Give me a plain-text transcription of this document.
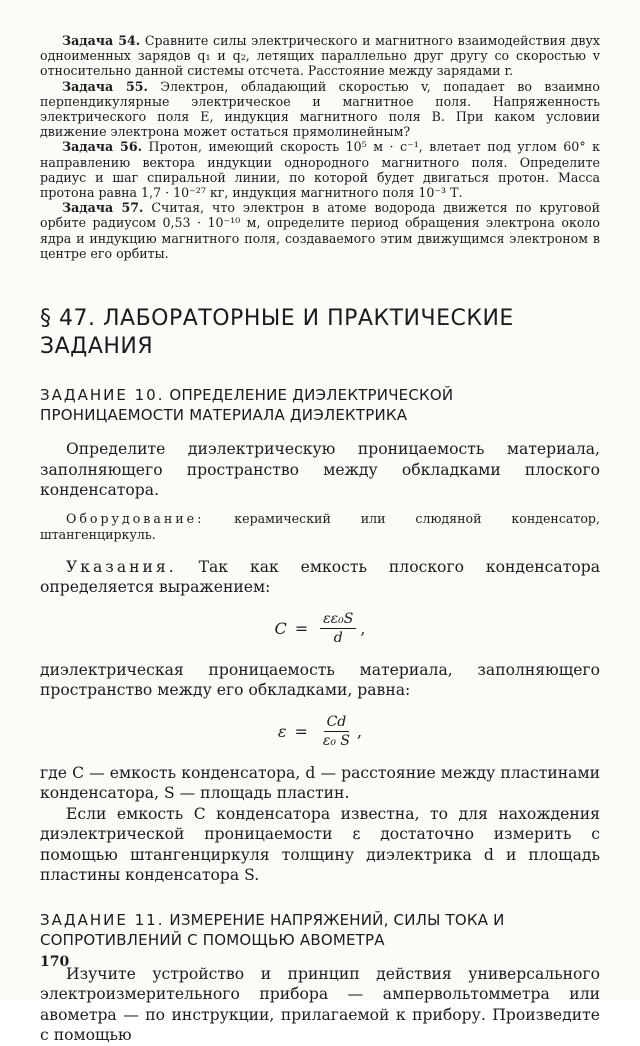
Задача 54. Сравните силы электрического и магнитного взаимодействия двух одноименных зарядов q₁ и q₂, летящих параллельно друг другу со скоростью v относительно данной системы отсчета. Расстояние между зарядами r.

Задача 55. Электрон, обладающий скоростью v, попадает во взаимно перпендикулярные электрическое и магнитное поля. Напряженность электрического поля E, индукция магнитного поля B. При каком условии движение электрона может остаться прямолинейным?

Задача 56. Протон, имеющий скорость 10⁵ м · с⁻¹, влетает под углом 60° к направлению вектора индукции однородного магнитного поля. Определите радиус и шаг спиральной линии, по которой будет двигаться протон. Масса протона равна 1,7 · 10⁻²⁷ кг, индукция магнитного поля 10⁻³ Т.

Задача 57. Считая, что электрон в атоме водорода движется по круговой орбите радиусом 0,53 · 10⁻¹⁰ м, определите период обращения электрона около ядра и индукцию магнитного поля, создаваемого этим движущимся электроном в центре его орбиты.

§ 47. ЛАБОРАТОРНЫЕ И ПРАКТИЧЕСКИЕ ЗАДАНИЯ
ЗАДАНИЕ 10. ОПРЕДЕЛЕНИЕ ДИЭЛЕКТРИЧЕСКОЙ ПРОНИЦАЕМОСТИ МАТЕРИАЛА ДИЭЛЕКТРИКА

Определите диэлектрическую проницаемость материала, заполняющего пространство между обкладками плоского конденсатора.

Оборудование: керамический или слюдяной конденсатор, штангенциркуль.

Указания. Так как емкость плоского конденсатора определяется выражением:

$C = \frac{\text{εε₀S}}{d}$ ,

диэлектрическая проницаемость материала, заполняющего пространство между его обкладками, равна:

$\varepsilon = \frac{Cd}{\text{ε₀ S}}$ ,

где C — емкость конденсатора, d — расстояние между пластинами конденсатора, S — площадь пластин.

Если емкость C конденсатора известна, то для нахождения диэлектрической проницаемости ε достаточно измерить с помощью штангенциркуля толщину диэлектрика d и площадь пластины конденсатора S.

ЗАДАНИЕ 11. ИЗМЕРЕНИЕ НАПРЯЖЕНИЙ, СИЛЫ ТОКА И СОПРОТИВЛЕНИЙ С ПОМОЩЬЮ АВОМЕТРА

Изучите устройство и принцип действия универсального электроизмерительного прибора — ампервольтомметра или авометра — по инструкции, прилагаемой к прибору. Произведите с помощью

170
